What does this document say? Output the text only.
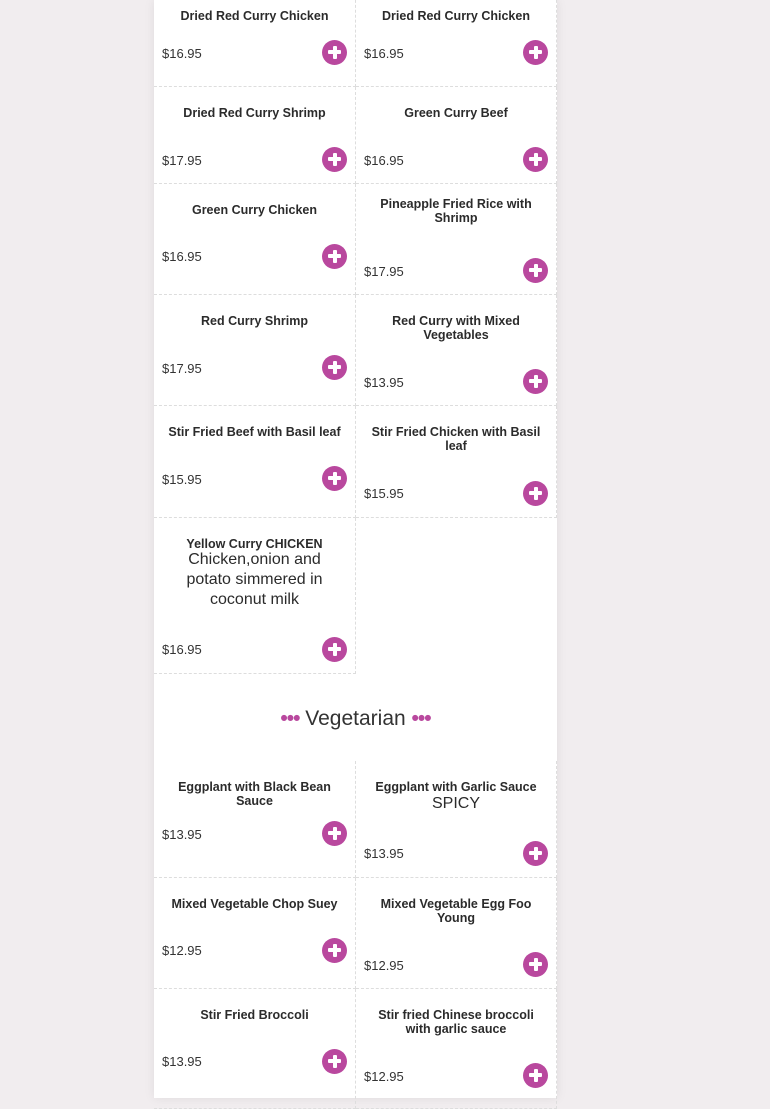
Dried Red Curry Chicken
$16.95
Dried Red Curry Chicken
$16.95
Dried Red Curry Shrimp
$17.95
Green Curry Beef
$16.95
Green Curry Chicken
$16.95
Pineapple Fried Rice with Shrimp
$17.95
Red Curry Shrimp
$17.95
Red Curry with Mixed Vegetables
$13.95
Stir Fried Beef with Basil leaf
$15.95
Stir Fried Chicken with Basil leaf
$15.95
Yellow Curry CHICKEN
Chicken,onion and potato simmered in coconut milk
$16.95
Eggplant with Black Bean Sauce
$13.95
Eggplant with Garlic Sauce
SPICY
$13.95
Mixed Vegetable Chop Suey
$12.95
Mixed Vegetable Egg Foo Young
$12.95
Stir Fried Broccoli
$13.95
Stir fried Chinese broccoli with garlic sauce
$12.95
••• Vegetarian •••
